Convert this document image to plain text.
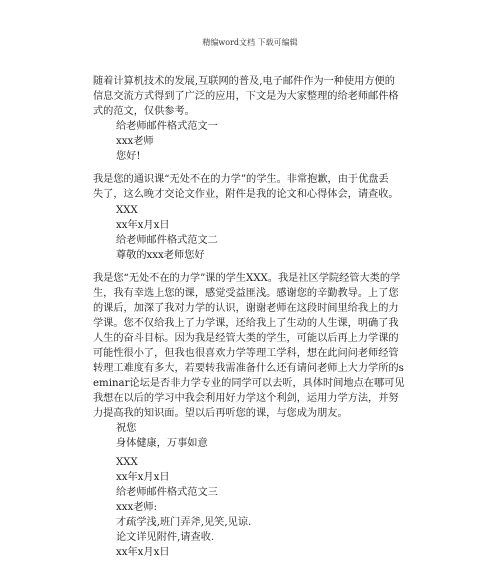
精编word文档 下载可编辑
随着计算机技术的发展,互联网的普及,电子邮件作为一种使用方便的
信息交流方式得到了广泛的应用，下文是为大家整理的给老师邮件格
式的范文，仅供参考。
给老师邮件格式范文一
xxx老师
您好!
我是您的通识课“无处不在的力学”的学生。非常抱歉，由于优盘丢
失了，这么晚才交论文作业，附件是我的论文和心得体会，请查收。
XXX
xx年x月x日
给老师邮件格式范文二
尊敬的xxx老师您好
我是您“无处不在的力学”课的学生XXX。我是社区学院经管大类的学
生，我有幸选上您的课，感觉受益匪浅。感谢您的辛勤教导。上了您
的课后，加深了我对力学的认识，谢谢老师在这段时间里给我上的力
学课。您不仅给我上了力学课，还给我上了生动的人生课，明确了我
人生的奋斗目标。因为我是经管大类的学生，可能以后再上力学课的
可能性很小了，但我也很喜欢力学等理工学科，想在此问问老师经管
转理工难度有多大，若要转我需准备什么还有请问老师上大力学所的s
eminar论坛是否非力学专业的同学可以去听，具体时间地点在哪可见
我想在以后的学习中我会利用好力学这个利剑，运用力学方法，并努
力提高我的知识面。望以后再听您的课，与您成为朋友。
祝您
身体健康，万事如意
XXX
xx年x月x日
给老师邮件格式范文三
xxx老师:
才疏学浅,班门弄斧,见笑,见谅.
论文详见附件,请查收.
xx年x月x日
